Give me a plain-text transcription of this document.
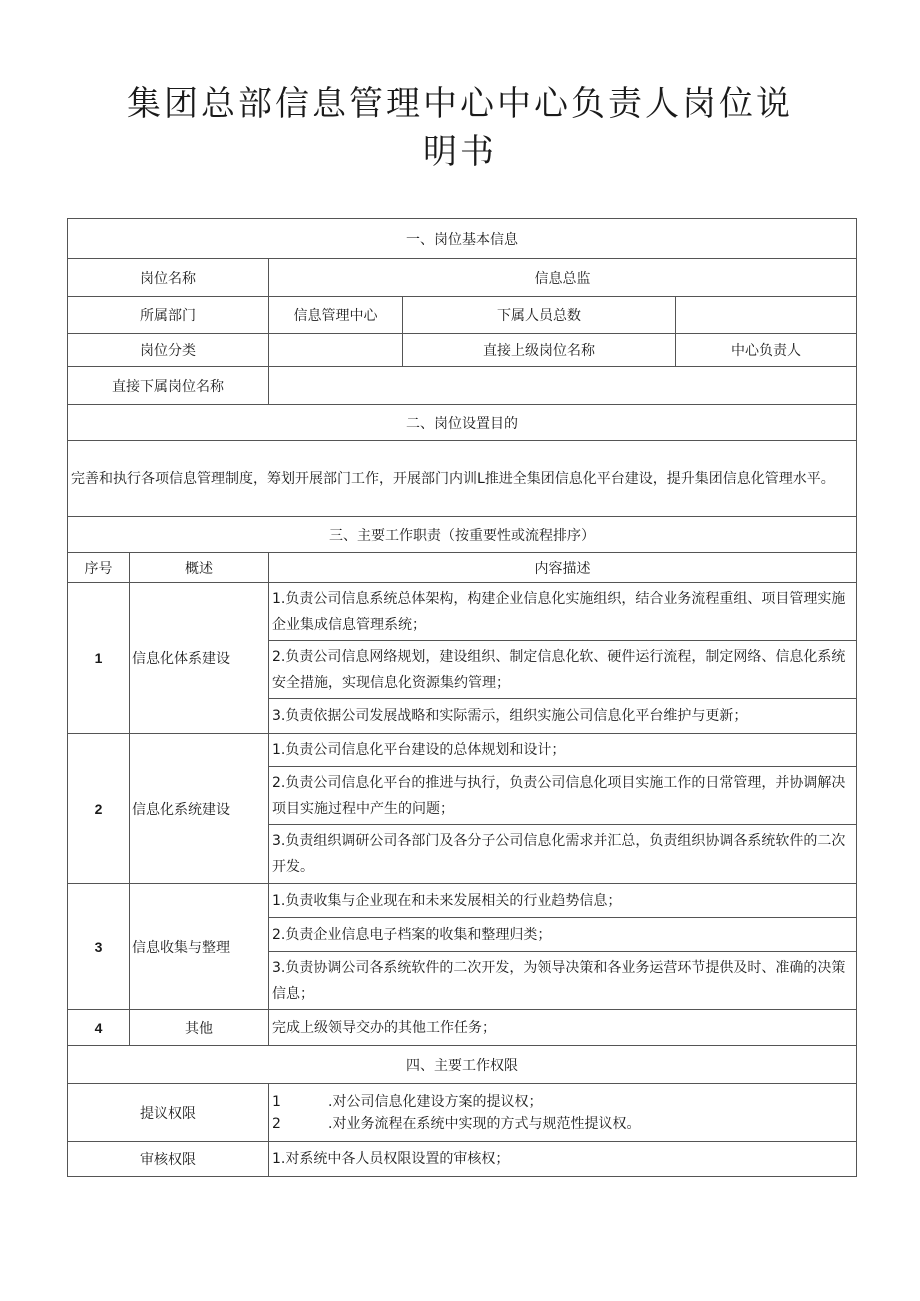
集团总部信息管理中心中心负责人岗位说
明书
一、岗位基本信息				
岗位名称		信息总监		
所属部门		信息管理中心	下属人员总数	
岗位分类			直接上级岗位名称	中心负责人
直接下属岗位名称				
二、岗位设置目的				
完善和执行各项信息管理制度，筹划开展部门工作，开展部门内训L推进全集团信息化平台建设，提升集团信息化管理水平。				
三、主要工作职责（按重要性或流程排序）				
序号	概述	内容描述		
1	信息化体系建设	1.负责公司信息系统总体架构，构建企业信息化实施组织，结合业务流程重组、项目管理实施企业集成信息管理系统；		
		2.负责公司信息网络规划，建设组织、制定信息化软、硬件运行流程，制定网络、信息化系统安全措施，实现信息化资源集约管理；		
		3.负责依据公司发展战略和实际需示，组织实施公司信息化平台维护与更新；		
2	信息化系统建设	1.负责公司信息化平台建设的总体规划和设计；		
		2.负责公司信息化平台的推进与执行，负责公司信息化项目实施工作的日常管理，并协调解决项目实施过程中产生的问题；		
		3.负责组织调研公司各部门及各分子公司信息化需求并汇总，负责组织协调各系统软件的二次开发。		
3	信息收集与整理	1.负责收集与企业现在和未来发展相关的行业趋势信息；		
		2.负责企业信息电子档案的收集和整理归类；		
		3.负责协调公司各系统软件的二次开发，为领导决策和各业务运营环节提供及时、准确的决策信息；		
4	其他	完成上级领导交办的其他工作任务；		
四、主要工作权限				
提议权限		1 .对公司信息化建设方案的提议权；
2 .对业务流程在系统中实现的方式与规范性提议权。		

审核权限		1.对系统中各人员权限设置的审核权；		
